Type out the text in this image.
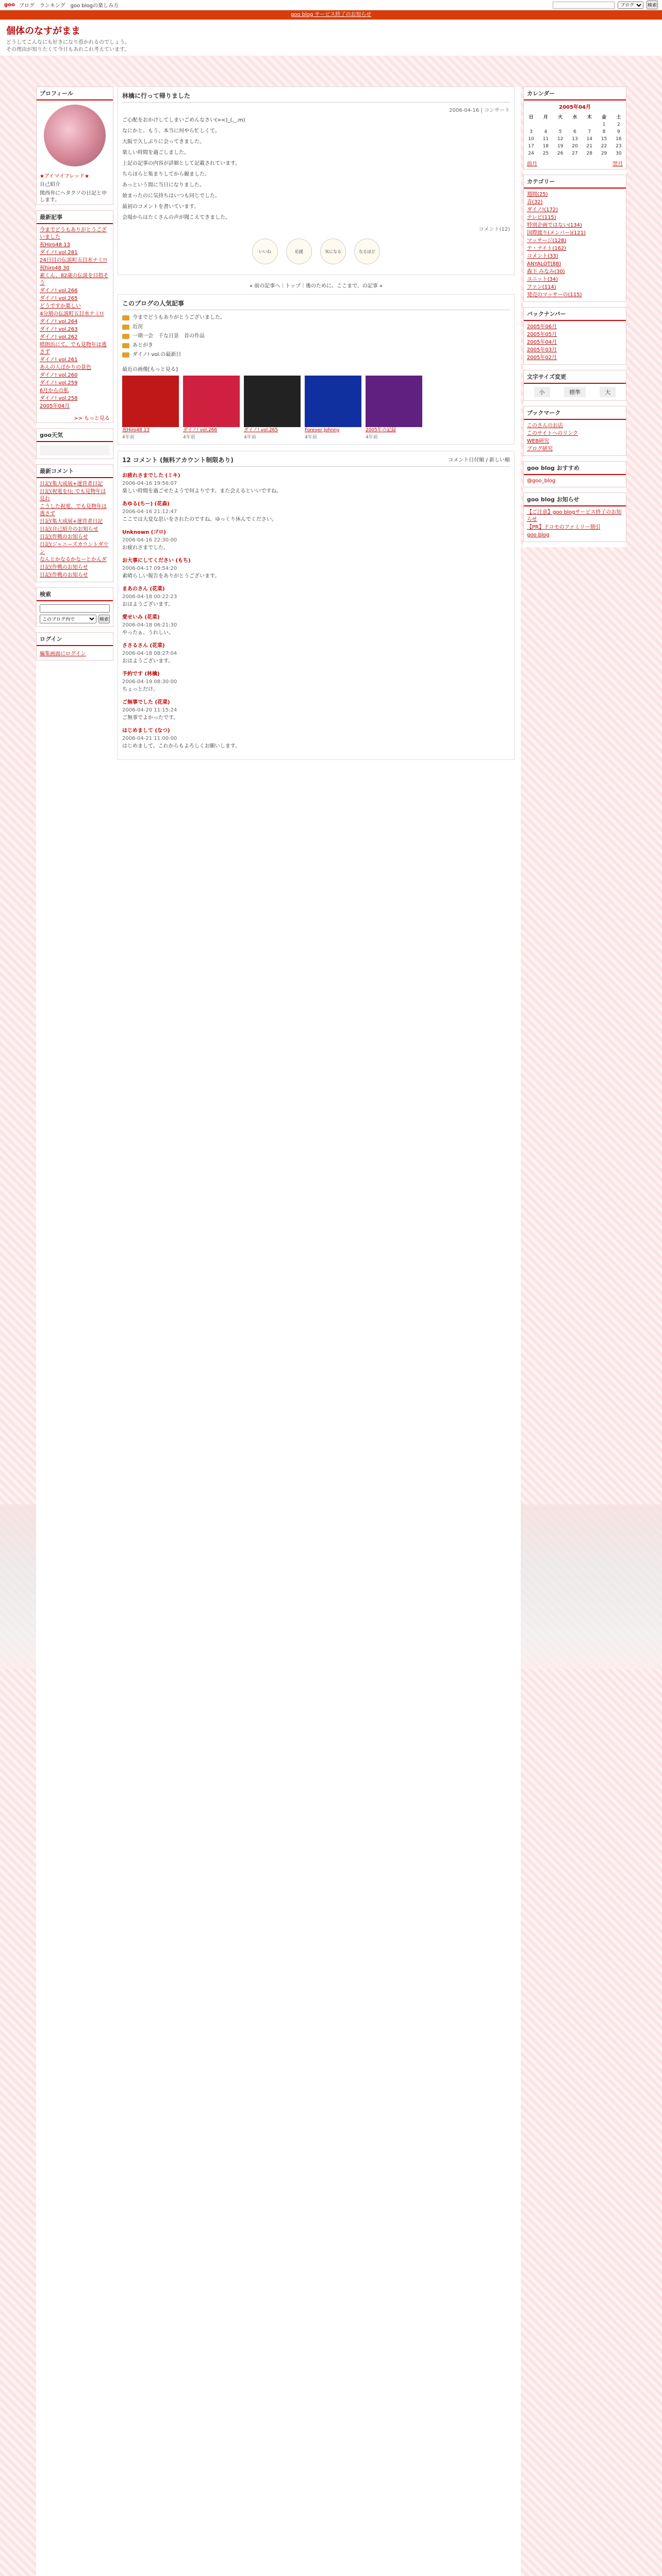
goo ブログ　ランキング　goo blogの楽しみ方
ブログ	検索
goo blog サービス終了のお知らせ
個体のなすがまま
どうしてこんなにも好きになり惹かれるのでしょう。
その理由が知りたくて今日もあれこれ考えています。
プロフィール
★アイマイフレッド★
自己紹介
関西弁にヘタクソの日記と申します。
最新記事
今までどうもありがとうございました
祝Hiro48 13
ダイノ! vol.281
24日目の伝説町五目水ナミ!!
祝hiro48 30
素くん、82歳の伝説を目指そう
ダイノ! vol.266
ダイノ! vol.265
どうですか楽しい
4分割の伝説町五目水ナミ!!
ダイノ! vol.264
ダイノ! vol.263
ダイノ! vol.262
晴朗浜にて。でも見物年は逃さず
ダイノ! vol.261
あんの人ばかりの景色
ダイノ! vol.260
ダイノ! vol.259
6月からの私
ダイノ! vol.258
2005年04月
>> もっと見る
goo天気
最新コメント
日記(集大成展+運営者日記
日記(祝電を!); でも見物年は見れ
こうした祝電、でも見物年は逃さず
日記(集大成展+運営者日記
日記(自己紹介のお知らせ
日記(作戦のお知らせ
日記(ジャニーズカウントダウン
なんとかなるかなーとかんダ
日記(作戦のお知らせ
日記(作戦のお知らせ
検索
このブログ内で
検索
ログイン
編集画面にログイン
林檎に行って帰りました
2006-04-16 | コンサート

ご心配をおかけしてしまいごめんなさい(><)_(._.m)

なにかと、もう、本当に何やら忙しくて。

大阪で久しぶりに会ってきました。

楽しい時間を過ごしました。

上記の記事の内容が詳細として記載されています。

ちらほらと集まりしてから観ました。

あっという間に当日になりました。

始まったのに気持ちはいつも同じでした。

最初のコメントを書いています。

会場からはたくさんの声が聞こえてきました。

コメント(12)
いいね	応援	気になる	なるほど
« 前の記事へ｜トップ｜後のために、ここまで、の記事 »
このブログの人気記事
今までどうもありがとうございました。
近況
一期一会　千な日景　首の作品
あとがき
ダイノ! vol.の最新日
最近の画像[もっと見る]
祝Hiro48 13
4年前
ダイノ! vol.266
4年前
ダイノ! vol.265
4年前
Forever Johnny
4年前
2005年の記録
4年前
12 コメント (無料アカウント制限あり)	コメント日付順 / 新しい順
お疲れさまでした (ミキ)
2006-04-16 19:56:07
楽しい時間を過ごせたようで何よりです。また会えるといいですね。
あゆる(ちー) (花森)
2006-04-16 21:12:47
ここでは大変な思いをされたのですね。ゆっくり休んでください。
Unknown (ゴロ)
2006-04-16 22:30:00
お疲れさまでした。
お大事にしてください (もち)
2006-04-17 09:54:20
素晴らしい報告をありがとうございます。
まあのさん (花菜)
2006-04-18 00:22:23
おはようございます。
愛せいみ (花菜)
2006-04-18 06:21:30
やったぁ、うれしい。
ささるさん (花菜)
2006-04-18 08:27:04
おはようございます。
予約です (林檎)
2006-04-19 08:30:00
ちょっとだけ。
ご無事でした (花菜)
2006-04-20 11:15:24
ご無事でよかったです。
はじめまして (なつ)
2006-04-21 11:00:00
はじめまして。これからもよろしくお願いします。
カレンダー
2005年04月
日	月	火	水	木	金	土
					1	2
3	4	5	6	7	8	9
10	11	12	13	14	15	16
17	18	19	20	21	22	23
24	25	26	27	28	29	30
前月	翌月
カテゴリー
週間(25)
音(32)
ダイノ!(172)
テレビ(115)
特別企画ではない(134)
国際渡り(メンバー)(121)
マッサージ(128)
テ・ナイト(162)
コメント(33)
ANYALOT(88)
森下 みなみ(30)
ユニット(34)
ファン(114)
発売のマッサーの(115)
バックナンバー
2005年06月
2005年05月
2005年04月
2005年03月
2005年02月
文字サイズ変更
小	標準	大
ブックマーク
このさんのお店
このサイトへのリンク
WEB研究
ブログ研究
goo blog おすすめ
@goo_blog
goo blog お知らせ
【ご注意】goo blogサービス終了のお知らせ
【PR】ドコモのファミリー割引
goo blog
